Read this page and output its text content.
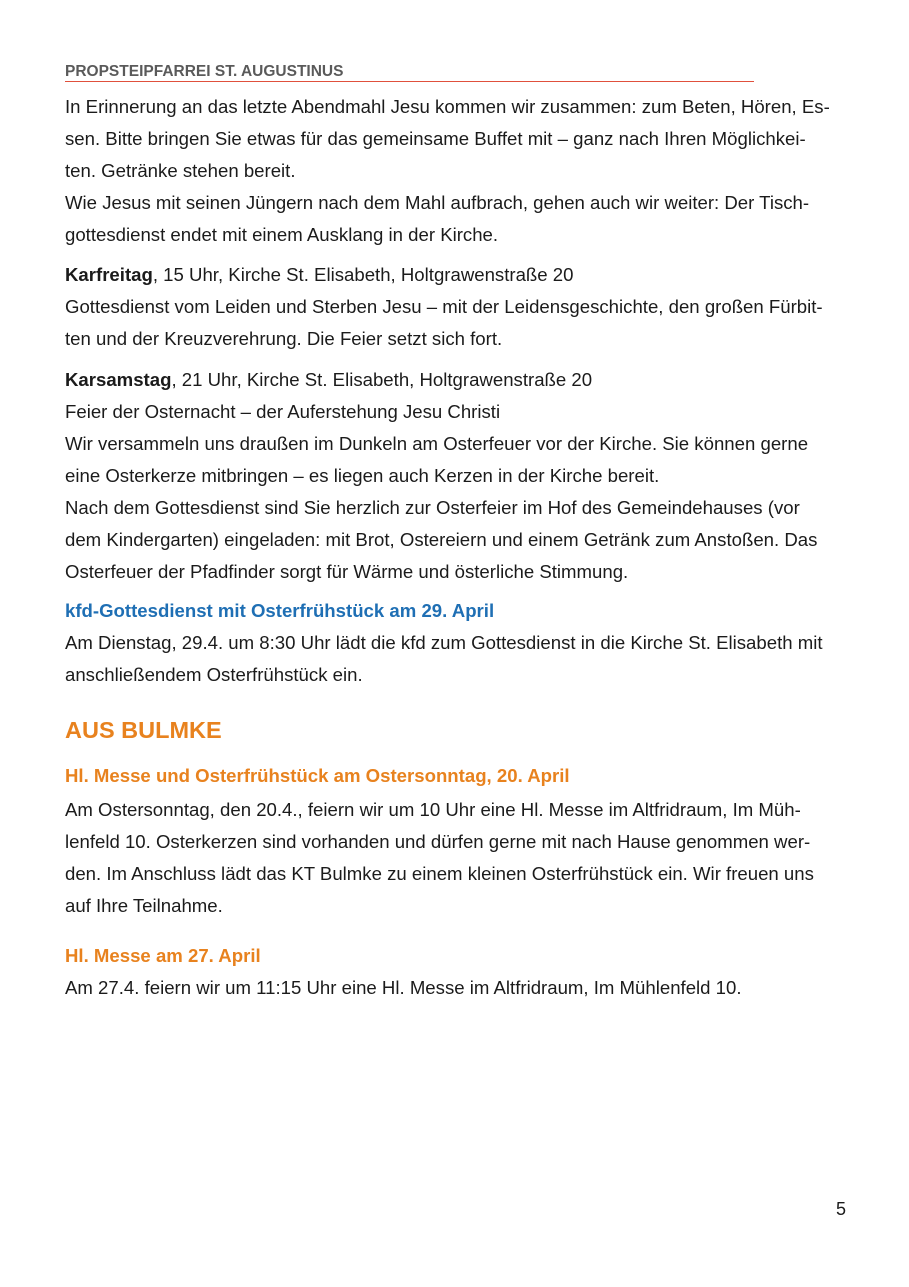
PROPSTEIPFARREI ST. AUGUSTINUS
In Erinnerung an das letzte Abendmahl Jesu kommen wir zusammen: zum Beten, Hören, Es-
sen. Bitte bringen Sie etwas für das gemeinsame Buffet mit – ganz nach Ihren Möglichkei-
ten. Getränke stehen bereit.
Wie Jesus mit seinen Jüngern nach dem Mahl aufbrach, gehen auch wir weiter: Der Tisch-
gottesdienst endet mit einem Ausklang in der Kirche.
Karfreitag, 15 Uhr, Kirche St. Elisabeth, Holtgrawenstraße 20
Gottesdienst vom Leiden und Sterben Jesu – mit der Leidensgeschichte, den großen Fürbit-
ten und der Kreuzverehrung. Die Feier setzt sich fort.
Karsamstag, 21 Uhr, Kirche St. Elisabeth, Holtgrawenstraße 20
Feier der Osternacht – der Auferstehung Jesu Christi
Wir versammeln uns draußen im Dunkeln am Osterfeuer vor der Kirche. Sie können gerne
eine Osterkerze mitbringen – es liegen auch Kerzen in der Kirche bereit.
Nach dem Gottesdienst sind Sie herzlich zur Osterfeier im Hof des Gemeindehauses (vor
dem Kindergarten) eingeladen: mit Brot, Ostereiern und einem Getränk zum Anstoßen. Das
Osterfeuer der Pfadfinder sorgt für Wärme und österliche Stimmung.
kfd-Gottesdienst mit Osterfrühstück am 29. April
Am Dienstag, 29.4. um 8:30 Uhr lädt die kfd zum Gottesdienst in die Kirche St. Elisabeth mit
anschließendem Osterfrühstück ein.
AUS BULMKE
Hl. Messe und Osterfrühstück am Ostersonntag, 20. April
Am Ostersonntag, den 20.4., feiern wir um 10 Uhr eine Hl. Messe im Altfridraum, Im Müh-
lenfeld 10. Osterkerzen sind vorhanden und dürfen gerne mit nach Hause genommen wer-
den. Im Anschluss lädt das KT Bulmke zu einem kleinen Osterfrühstück ein. Wir freuen uns
auf Ihre Teilnahme.
Hl. Messe am 27. April
Am 27.4. feiern wir um 11:15 Uhr eine Hl. Messe im Altfridraum, Im Mühlenfeld 10.
5
